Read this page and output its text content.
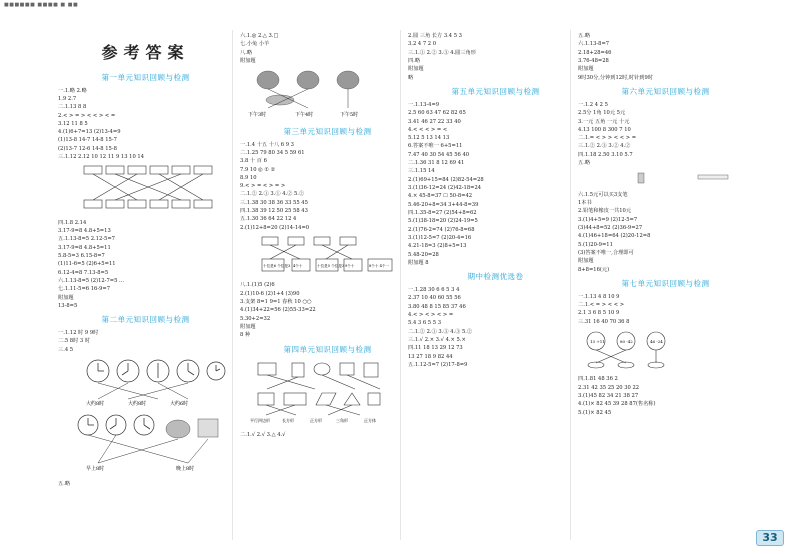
■■■■■■ ■■■■ ■ ■■
参考答案
第一单元知识回顾与检测
一.1.略 2.略
1.9 2.7
二.1.13 8 8
2.< > = > < < > < =
3.12 11 8 5
4.(1)6+7=13 (2)13-4=9
(1)13-8 14-7 14-8 15-7
(2)13-7 12-6 14-8 15-8
三.1.12 2.12 10 12 11 9 13 10 14
四.1.8 2.14
3.17-9=8 4.8+5=13
五.1.13-8=5 2.12-5=7
3.17-9=8 4.8+5=11
5.8-5=3 6.15-8=7
(1)11-6=5 (2)6+5=11
6.12-4=8 7.13-8=5
六.1.13-8=5 (2)12-7=5 ...
七.1.11-5=6 16-9=7
附加题
13-8=5
第二单元知识回顾与检测
一.1.12 时 9 9时
二.5 8时 3 时
三.4 5
大约8时	大约8时	大约6时
早上8时	晚上8时
五.略
六.1.◎ 2.△ 3.□
七.小兔 小羊
八.略
附加题
下午3时	下午4时	下午5时
第三单元知识回顾与检测
一.1.4 十五 十八 6 9 3
二.1.25 79 80 34 5 59 61
3.8 十 百 6
7.9 10 ◎ ① ②
8.9 10
9.< > = < > = >
二.1.② 2.① 3.① 4.② 5.②
三.1.38 30 38 36 33 55 45
四.1.38 39 12 50 25 58 43
五.1.30 36 64 22 12 4
2.(1)12+8=20 (2)14-14=0
十位是6 个位是3 4个十	十位是5 个位是3 9个十	8个十 4个一
八.1.(1)5 (2)6
2.(1)10-6 (2)1+4 (3)90
3.支架 8=1 9=1 春秋 10 ○○
4.(1)34+22=56 (2)55-33=22
5.30+2=32
附加题
8 种
第四单元知识回顾与检测
平行四边形	长方形	正方形	三角形	正方体
二.1.√ 2.√ 3.△ 4.√
2.圆 三角 长方 3.4 5 3
3.2 4 7 2 0
三.1.① 2.② 3.③ 4.圆三角形
四.略
附加题
略
第五单元知识回顾与检测
一.1.13-4=9
2.5 60 63 47 62 82 65
3.41 46 27 22 33 40
4.< < < > = <
5.12 5 13 14 13
6.答案不唯一 6+5=11
7.47 40 30 54 45 56 40
二.1.36 31 8 12 69 41
三.1.15 14
2.(1)69+15=84 (2)82-54=28
3.(1)36-12=24 (2)42-18=24
4.× 45-8=37 ☐ 50-8=42
5.46-20+8=34 3+44-8=39
四.1.35-8=27 (2)54+8=62
5.(1)38-18=20 (2)24-19=5
2.(1)76-2=74 (2)76-8=68
3.(1)12-5=7 (2)20-4=16
4.21-18=3 (2)8+5=13
5.48-20=28
附加题 8
期中检测优选卷
一.1.28 30 6 6 5 3 4
2.37 10 40 60 55 56
3.80 48 8 15 85 37 46
4.< > < > < > =
5.4 3 6 5 5 3
二.1.② 2.① 3.③ 4.③ 5.②
三.1.√ 2.× 3.√ 4.× 5.×
四.11 18 13 29 12 73
13 27 18 9 82 44
五.1.12-5=7 (2)17-8=9
五.略
六.1.13-8=7
2.18+28=46
3.76-48=28
附加题
9时30分,分钟到12时,时针到9时
第六单元知识回顾与检测
一.1.2 4 2 5
2.5分 1角 10元 5元
3.一元 五角 一元 十元
4.13 100 8 300 7 10
二.1.= < > > < < > =
三.1.② 2.③ 3.② 4.②
四.1.18 2.50 3.10 5.7
五.略
六.1.5元可以买3支笔
1本书
2.铅笔和橡皮一共10元
3.(1)4+5=9 (2)12-5=7
(3)44+8=52 (2)36-9=27
4.(1)46+18=64 (2)20-12=8
5.(1)20-9=11
(3)答案不唯一,合理即可
附加题
8+8=16(元)
第七单元知识回顾与检测
一.1.13 4 8 10 9
二.1.< = > < < >
2.1 3 6 8 5 10 9
三.31 16 40 70 36 8
13 +11	80 -42	46 -24
四.1.81 48 36 2
2.31 42 35 25 20 30 22
3.(1)45 82 34 21 38 27
4.(1)× 82 45 39 28 87(售名称)
5.(1)× 82 45
33
